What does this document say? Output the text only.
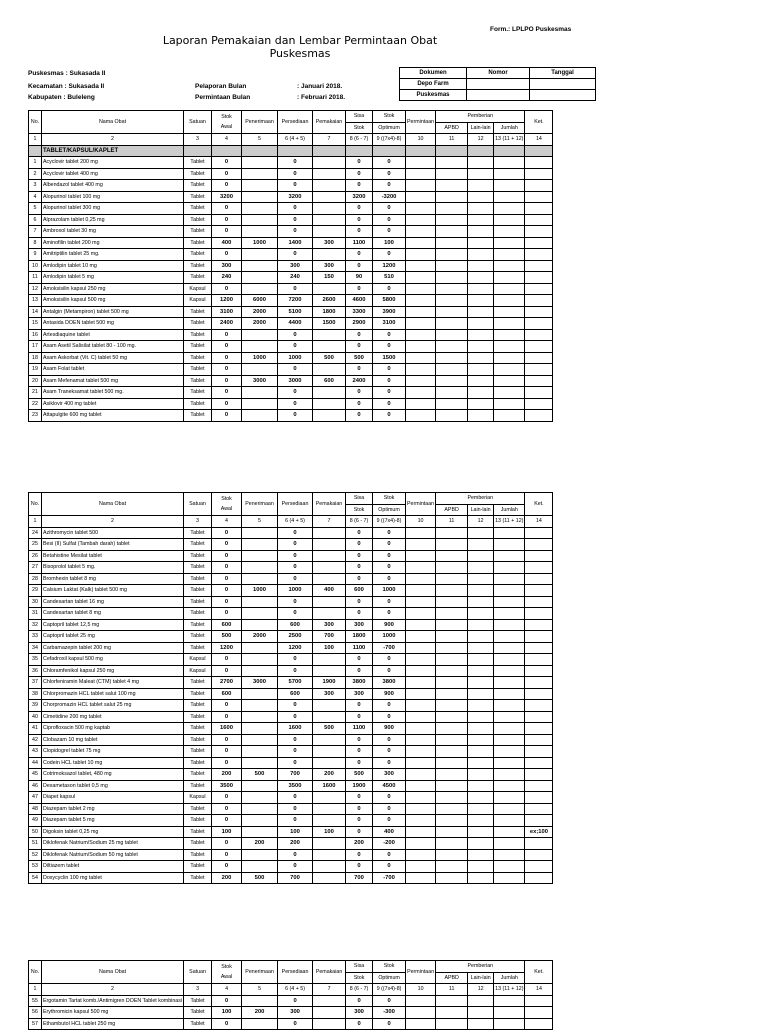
Form.: LPLPO Puskesmas
Laporan Pemakaian dan Lembar Permintaan Obat Puskesmas
Puskesmas : Sukasada II
Kecamatan : Sukasada II
Kabupaten : Buleleng
Pelaporan Bulan	: Januari 2018.
Permintaan Bulan	: Februari 2018.
Dokumen	Nomor	Tanggal
Depo Farm		
Puskesmas		
No.	Nama Obat	Satuan	Stok
Awal	Penerimaan	Persediaan	Pemakaian	Sisa	Stok	Permintaan	Pemberian			Ket.
							Stok	Optimum		APBD	Lain-lain	Jumlah	
1	2	3	4	5	6 (4 + 5)	7	8 (6 - 7)	9 ((7x4)-8)	10	11	12	13 (11 + 12)	14
	TABLET/KAPSUL/KAPLET												
1	Acyclovir tablet 200 mg	Tablet	0		0		0	0					
2	Acyclovir tablet 400 mg	Tablet	0		0		0	0					
3	Albendazol tablet 400 mg	Tablet	0		0		0	0					
4	Alopurinol tablet 100 mg	Tablet	3200		3200		3200	-3200					
5	Alopurinol tablet 300 mg	Tablet	0		0		0	0					
6	Alprazolam tablet 0,25 mg	Tablet	0		0		0	0					
7	Ambroxol tablet 30 mg	Tablet	0		0		0	0					
8	Aminofilin tablet 200 mg	Tablet	400	1000	1400	300	1100	100					
9	Amitriptilin tablet 25 mg.	Tablet	0		0		0	0					
10	Amlodipin tablet 10 mg	Tablet	300		300	300	0	1200					
11	Amlodipin tablet 5 mg	Tablet	240		240	150	90	510					
12	Amoksisilin kapsul 250 mg	Kapsul	0		0		0	0					
13	Amoksisilin kapsul 500 mg	Kapsul	1200	6000	7200	2600	4600	5800					
14	Antalgin (Metampiron) tablet 500 mg	Tablet	3100	2000	5100	1800	3300	3900					
15	Antasida DOEN tablet 500 mg	Tablet	2400	2000	4400	1500	2900	3100					
16	Artesdiaquine tablet	Tablet	0		0		0	0					
17	Asam Asetil Salisilat tablet 80 - 100 mg.	Tablet	0		0		0	0					
18	Asam Askorbat (Vit. C) tablet 50 mg	Tablet	0	1000	1000	500	500	1500					
19	Asam Folat tablet	Tablet	0		0		0	0					
20	Asam Mefenamat tablet 500 mg	Tablet	0	3000	3000	600	2400	0					
21	Asam Traneksamat tablet 500 mg.	Tablet	0		0		0	0					
22	Asiklovir 400 mg tablet	Tablet	0		0		0	0					
23	Attapulgite 600 mg tablet	Tablet	0		0		0	0					
No.	Nama Obat	Satuan	Stok
Awal	Penerimaan	Persediaan	Pemakaian	Sisa	Stok	Permintaan	Pemberian			Ket.
							Stok	Optimum		APBD	Lain-lain	Jumlah	
1	2	3	4	5	6 (4 + 5)	7	8 (6 - 7)	9 ((7x4)-8)	10	11	12	13 (11 + 12)	14
24	Azithromycin tablet 500	Tablet	0		0		0	0					
25	Besi (II) Sulfat (Tambah darah) tablet	Tablet	0		0		0	0					
26	Betahistine Mesilat tablet	Tablet	0		0		0	0					
27	Bisoprolol tablet 5 mg.	Tablet	0		0		0	0					
28	Bromhexin tablet 8 mg	Tablet	0		0		0	0					
29	Calsium Laktat (Kalk) tablet 500 mg	Tablet	0	1000	1000	400	600	1000					
30	Candesartan tablet 16 mg	Tablet	0		0		0	0					
31	Candesartan tablet 8 mg	Tablet	0		0		0	0					
32	Captopril tablet 12,5 mg	Tablet	600		600	300	300	900					
33	Captopril tablet 25 mg	Tablet	500	2000	2500	700	1800	1000					
34	Carbamazepin tablet 200 mg	Tablet	1200		1200	100	1100	-700					
35	Cefadroxil kapsul 500 mg	Kapsul	0		0		0	0					
36	Chloramfenikol kapsul 250 mg	Kapsul	0		0		0	0					
37	Chlorfeniramin Maleat (CTM) tablet 4 mg	Tablet	2700	3000	5700	1900	3800	3800					
38	Chlorpromazin HCL tablet salut 100 mg	Tablet	600		600	300	300	900					
39	Chorpromazin HCL tablet salut 25 mg	Tablet	0		0		0	0					
40	Cimetidine 200 mg tablet	Tablet	0		0		0	0					
41	Ciprofloxacin 500 mg kaptab	Tablet	1600		1600	500	1100	900					
42	Clobazam 10 mg tablet	Tablet	0		0		0	0					
43	Clopidogrel tablet 75 mg	Tablet	0		0		0	0					
44	Codein HCL tablet 10 mg	Tablet	0		0		0	0					
45	Cotrimoksazol tablet, 480 mg	Tablet	200	500	700	200	500	300					
46	Dexametason tablet 0,5 mg	Tablet	3500		3500	1600	1900	4500					
47	Diapet kapsul	Kapsul	0		0		0	0					
48	Diazepam tablet 2 mg	Tablet	0		0		0	0					
49	Diazepam tablet 5 mg	Tablet	0		0		0	0					
50	Digoksin tablet 0,25 mg	Tablet	100		100	100	0	400					ex;100
51	Diklofenak Natrium/Sodium 25 mg tablet	Tablet	0	200	200		200	-200					
52	Diklofenak Natrium/Sodium 50 mg tablet	Tablet	0		0		0	0					
53	Diltiazem tablet	Tablet	0		0		0	0					
54	Doxycyclin 100 mg tablet	Tablet	200	500	700		700	-700					
No.	Nama Obat	Satuan	Stok
Awal	Penerimaan	Persediaan	Pemakaian	Sisa	Stok	Permintaan	Pemberian			Ket.
							Stok	Optimum		APBD	Lain-lain	Jumlah	
1	2	3	4	5	6 (4 + 5)	7	8 (6 - 7)	9 ((7x4)-8)	10	11	12	13 (11 + 12)	14
55	Ergotamin Tartat komb./Antimigren DOEN Tablet kombinasi	Tablet	0		0		0	0					
56	Erythromicin kapsul 500 mg	Tablet	100	200	300		300	-300					
57	Ethambutol HCL tablet 250 mg	Tablet	0		0		0	0					
